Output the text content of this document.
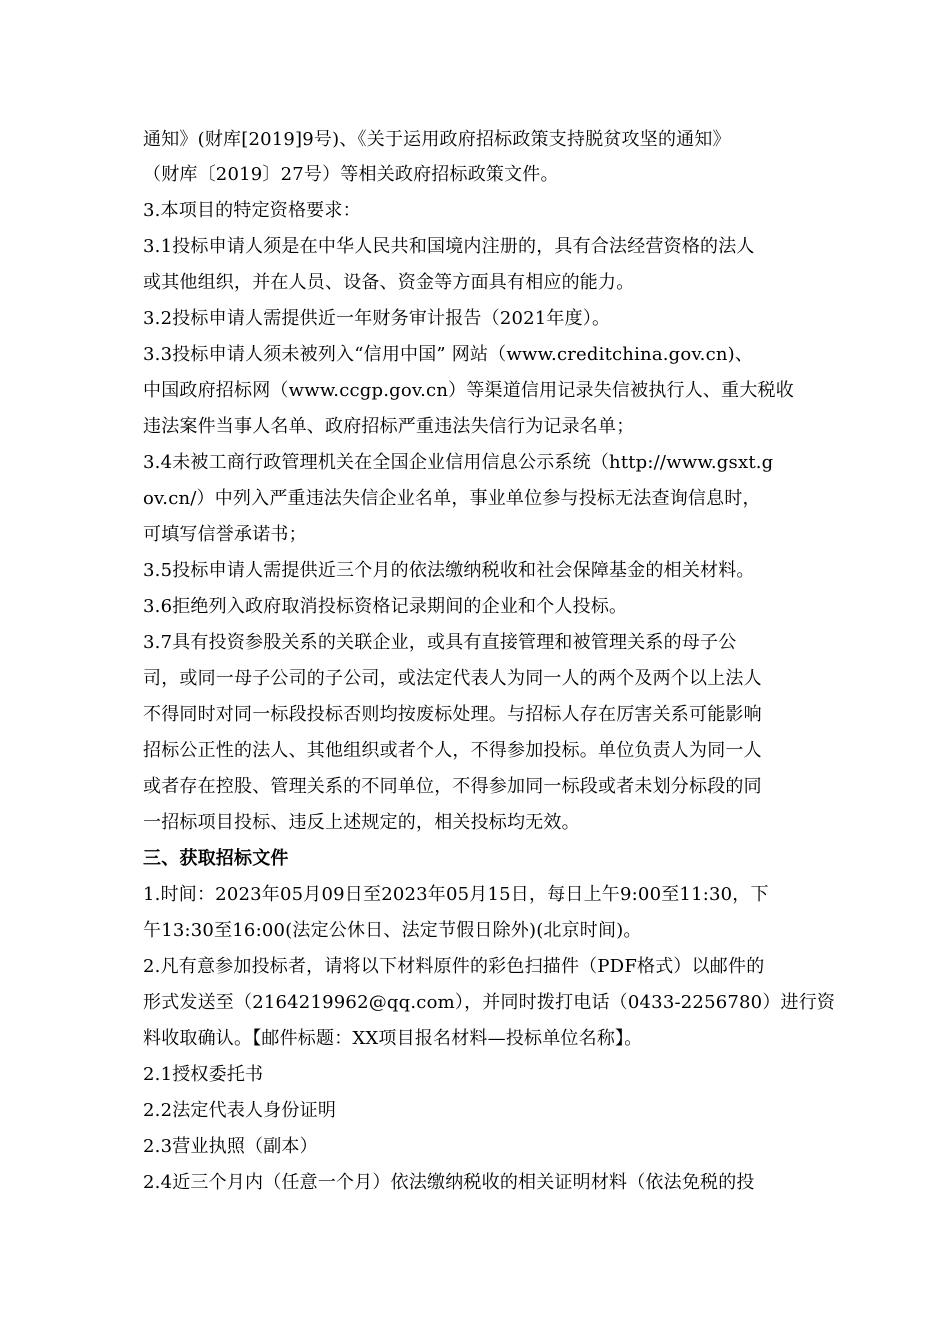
通知》(财库[2019]9号)、《关于运用政府招标政策支持脱贫攻坚的通知》
（财库〔2019〕27号）等相关政府招标政策文件。
3.本项目的特定资格要求：
3.1投标申请人须是在中华人民共和国境内注册的，具有合法经营资格的法人
或其他组织，并在人员、设备、资金等方面具有相应的能力。
3.2投标申请人需提供近一年财务审计报告（2021年度）。
3.3投标申请人须未被列入“信用中国” 网站（www.creditchina.gov.cn)、
中国政府招标网（www.ccgp.gov.cn）等渠道信用记录失信被执行人、重大税收
违法案件当事人名单、政府招标严重违法失信行为记录名单；
3.4未被工商行政管理机关在全国企业信用信息公示系统（http://www.gsxt.g
ov.cn/）中列入严重违法失信企业名单，事业单位参与投标无法查询信息时，
可填写信誉承诺书；
3.5投标申请人需提供近三个月的依法缴纳税收和社会保障基金的相关材料。
3.6拒绝列入政府取消投标资格记录期间的企业和个人投标。
3.7具有投资参股关系的关联企业，或具有直接管理和被管理关系的母子公
司，或同一母子公司的子公司，或法定代表人为同一人的两个及两个以上法人
不得同时对同一标段投标否则均按废标处理。与招标人存在厉害关系可能影响
招标公正性的法人、其他组织或者个人，不得参加投标。单位负责人为同一人
或者存在控股、管理关系的不同单位，不得参加同一标段或者未划分标段的同
一招标项目投标、违反上述规定的，相关投标均无效。
三、获取招标文件
1.时间：2023年05月09日至2023年05月15日，每日上午9:00至11:30，下
午13:30至16:00(法定公休日、法定节假日除外)(北京时间)。
2.凡有意参加投标者，请将以下材料原件的彩色扫描件（PDF格式）以邮件的
形式发送至（2164219962@qq.com），并同时拨打电话（0433-2256780）进行资
料收取确认。【邮件标题：XX项目报名材料—投标单位名称】。
2.1授权委托书
2.2法定代表人身份证明
2.3营业执照（副本）
2.4近三个月内（任意一个月）依法缴纳税收的相关证明材料（依法免税的投
